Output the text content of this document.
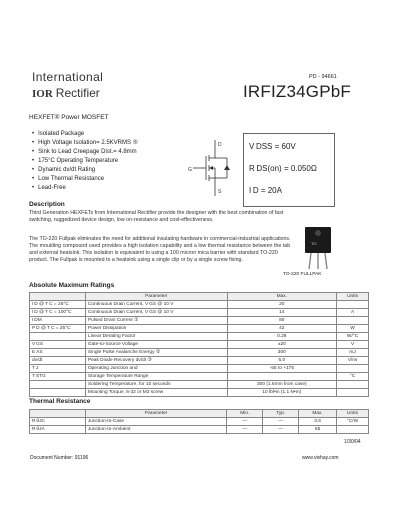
PD - 94661
International
IOR Rectifier	IRFIZ34GPbF
HEXFET® Power MOSFET
• Isolated Package
• High Voltage Isolation= 2.5KVRMS ⑤
• Sink to Lead Creepage Dist.= 4.8mm
• 175°C Operating Temperature
• Dynamic dv/dt Rating
• Low Thermal Resistance
• Lead-Free
G
D
S
V DSS = 60V
R DS(on) = 0.050Ω
I D = 20A
Description

Third Generation HEXFETs from International Rectifier provide the designer with the best combination of fast switching, ruggedized device design, low on-resistance and cost-effectiveness.

The TO-220 Fullpak eliminates the need for additional insulating hardware in commercial-industrial applications. The moulding compound used provides a high isolation capability and a low thermal resistance between the tab and external heatsink. This isolation is equivalent to using a 100 micron mica barrier with standard TO-220 product. The Fullpak is mounted to a heatsink using a single clip or by a single screw fixing.

TO
TO-220 FULLPAK
Absolute Maximum Ratings
	Parameter	Max.	Units
I D @ T C = 25°C	Continuous Drain Current, V GS @ 10 V	20	
I D @ T C = 100°C	Continuous Drain Current, V GS @ 10 V	14	A
I DM	Pulsed Drain Current ①	80	
P D @ T C = 25°C	Power Dissipation	42	W
	Linear Derating Factor	0.28	W/°C
V GS	Gate-to-Source Voltage	±20	V
E AS	Single Pulse Avalanche Energy ②	300	mJ
dv/dt	Peak Diode Recovery dv/dt ③	5.0	V/ns
T J	Operating Junction and	-55 to +175	
T STG	Storage Temperature Range		°C
	Soldering Temperature, for 10 seconds	300 (1.6mm from case)	
	Mounting Torque, 6-32 or M3 screw	10 lbf•in (1.1 N•m)	
Thermal Resistance
	Parameter	Min.	Typ.	Max.	Units
R θJC	Junction-to-Case	—	—	3.6	°C/W
R θJA	Junction-to-Ambient	—	—	65	
1/30/04
Document Number: 91196	www.vishay.com
